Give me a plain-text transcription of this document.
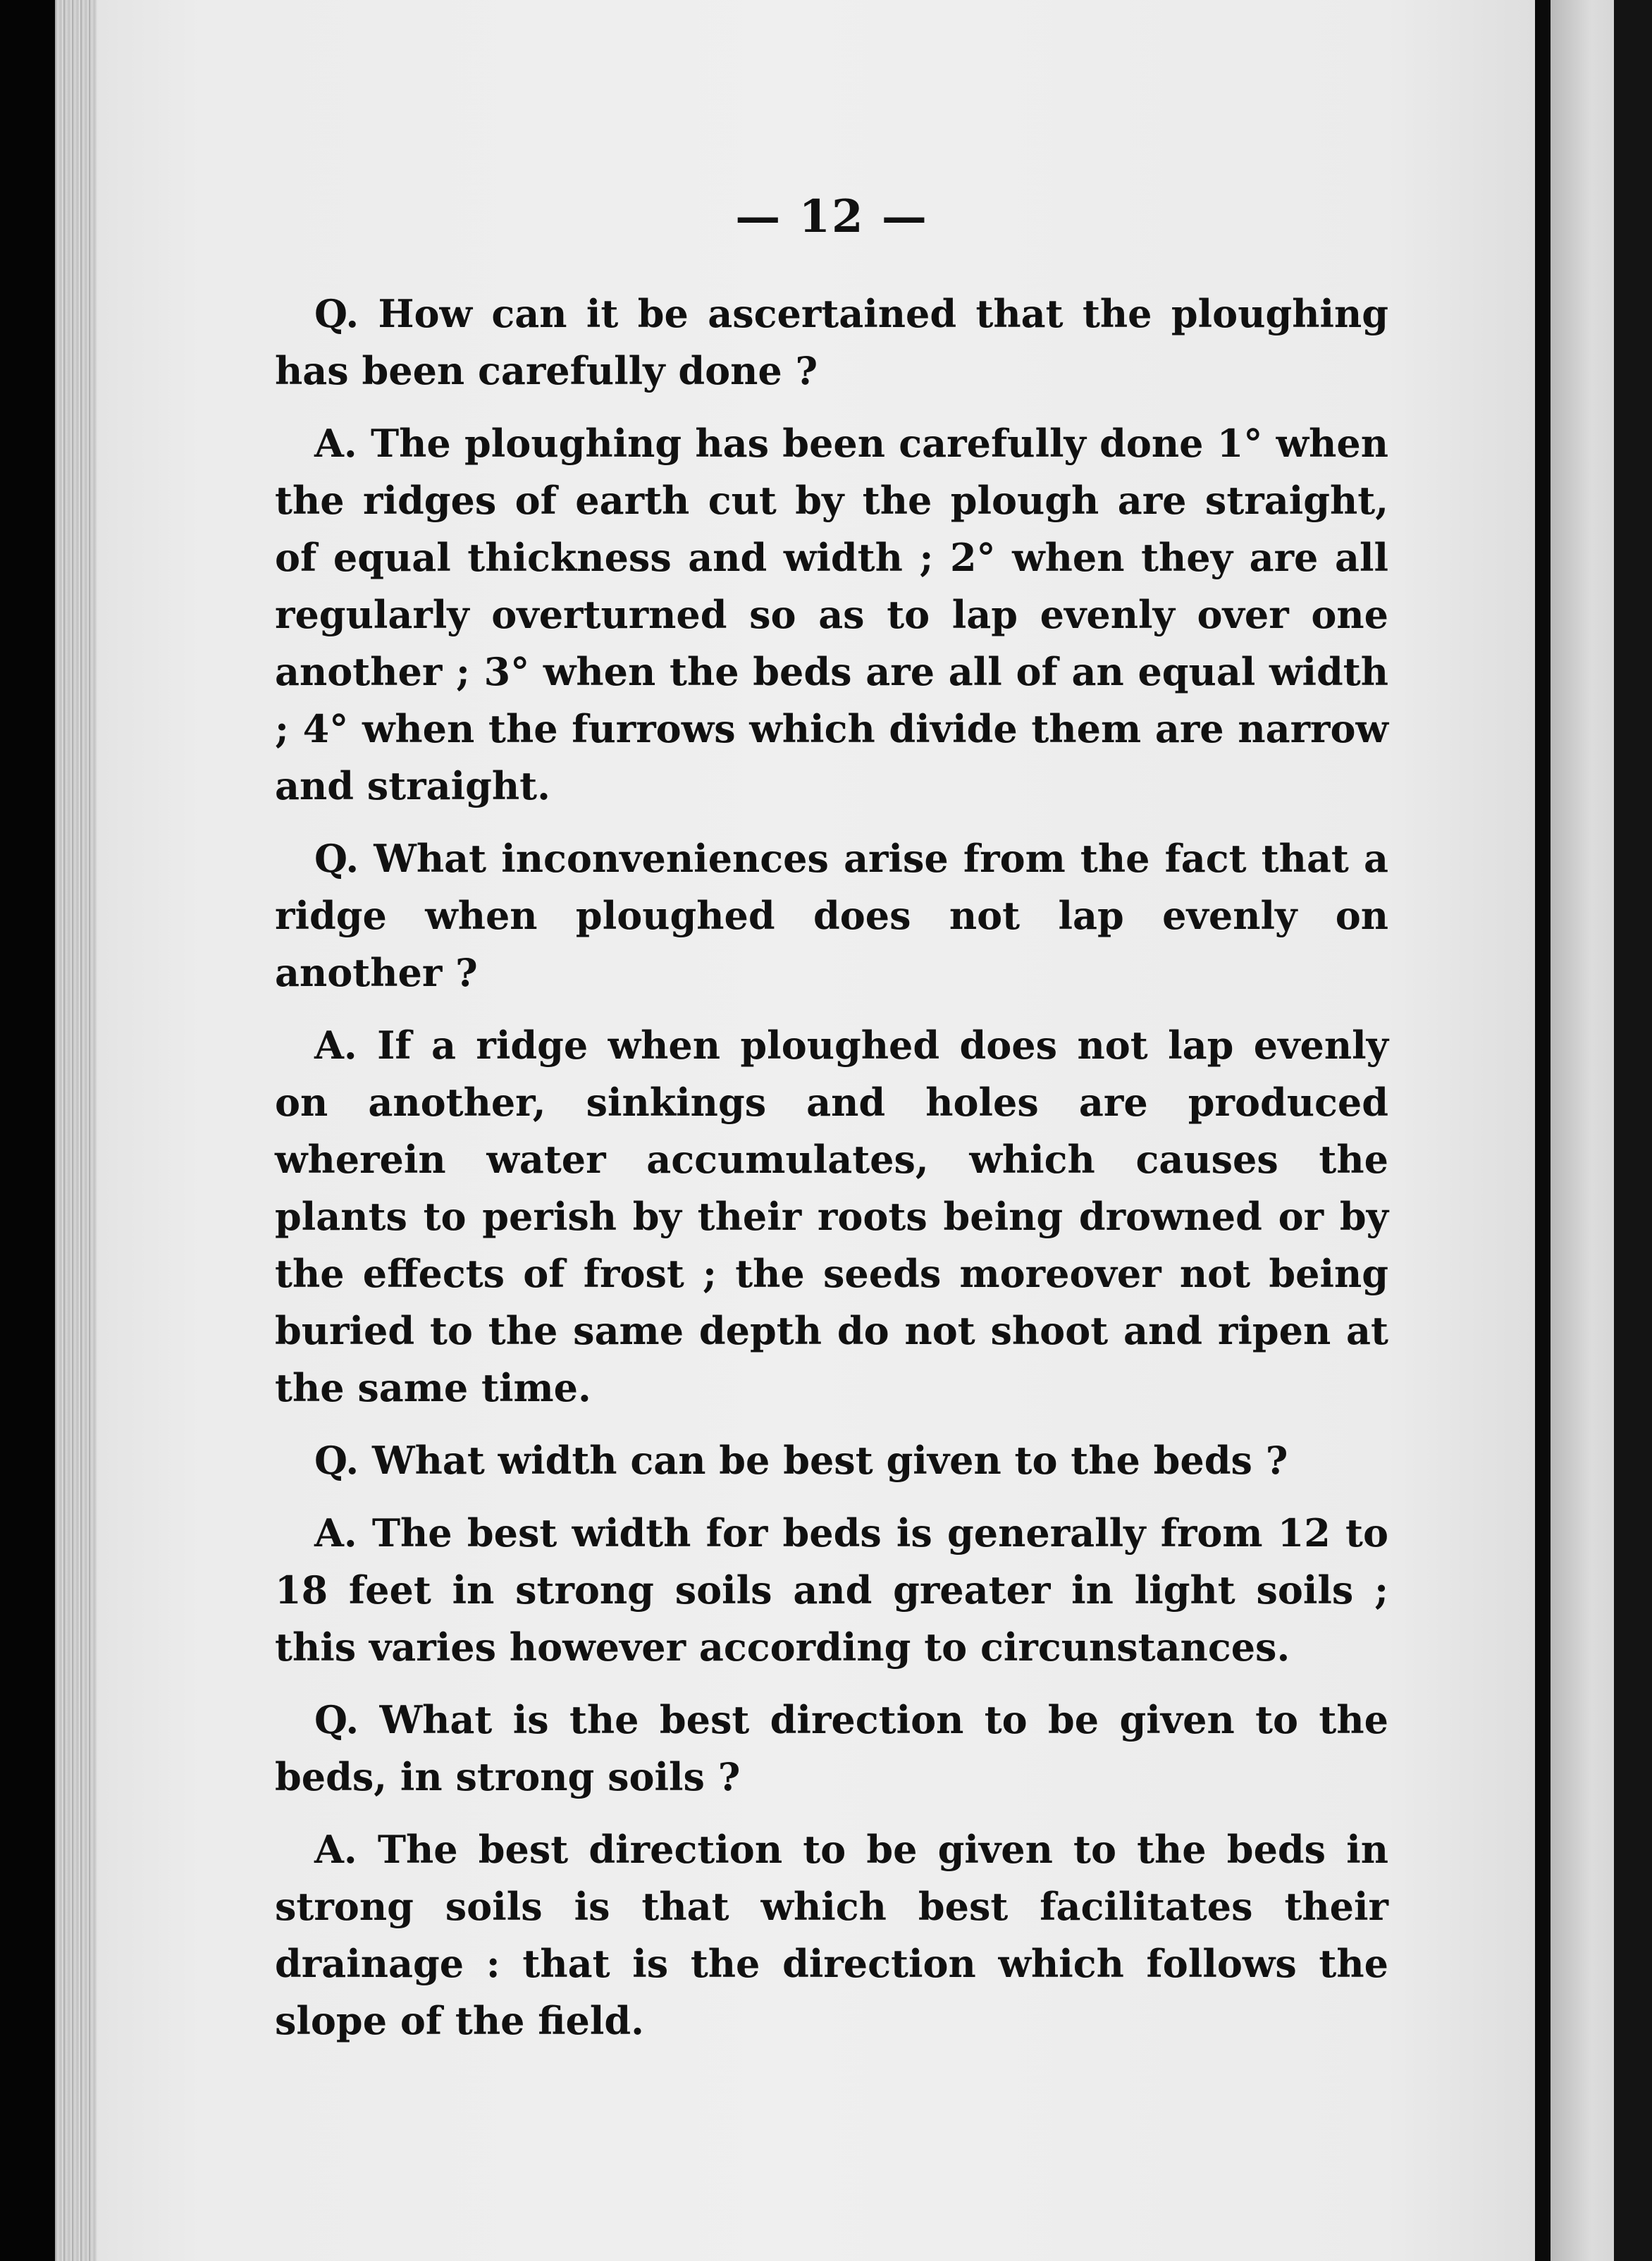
— 12 —

Q. How can it be ascertained that the ploughing has been carefully done ?

A. The ploughing has been carefully done 1° when the ridges of earth cut by the plough are straight, of equal thickness and width ; 2° when they are all regularly overturned so as to lap evenly over one another ; 3° when the beds are all of an equal width ; 4° when the furrows which divide them are narrow and straight.

Q. What inconveniences arise from the fact that a ridge when ploughed does not lap evenly on another ?

A. If a ridge when ploughed does not lap evenly on another, sinkings and holes are produced wherein water accumulates, which causes the plants to perish by their roots being drowned or by the effects of frost ; the seeds moreover not being buried to the same depth do not shoot and ripen at the same time.

Q. What width can be best given to the beds ?

A. The best width for beds is generally from 12 to 18 feet in strong soils and greater in light soils ; this varies however according to circunstances.

Q. What is the best direction to be given to the beds, in strong soils ?

A. The best direction to be given to the beds in strong soils is that which best facilitates their drainage : that is the direction which follows the slope of the field.
